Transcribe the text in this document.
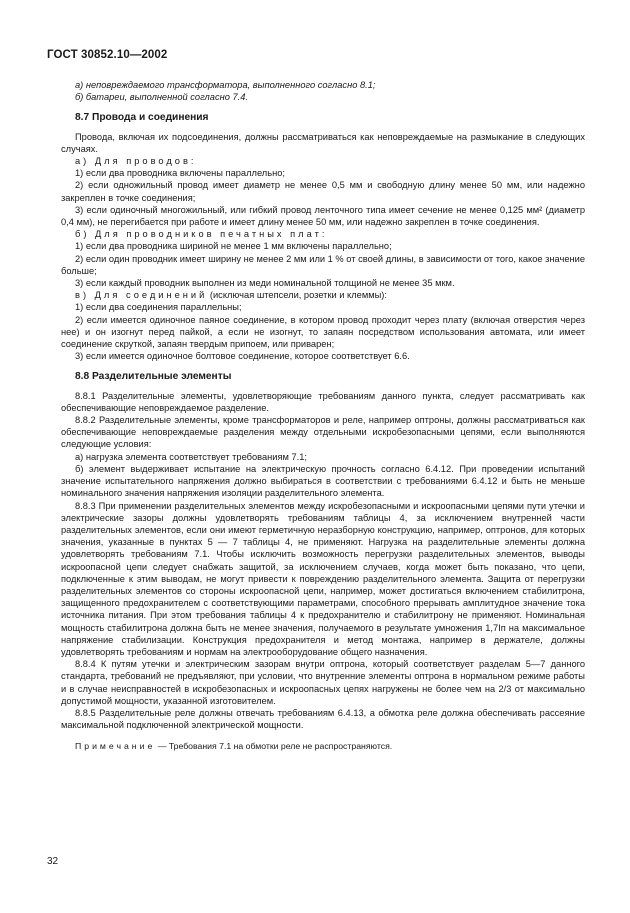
ГОСТ 30852.10—2002

а) неповреждаемого трансформатора, выполненного согласно 8.1;

б) батареи, выполненной согласно 7.4.

8.7 Провода и соединения

Провода, включая их подсоединения, должны рассматриваться как неповреждаемые на размыкание в следующих случаях.

а) Для проводов:

1) если два проводника включены параллельно;

2) если одножильный провод имеет диаметр не менее 0,5 мм и свободную длину менее 50 мм, или надежно закреплен в точке соединения;

3) если одиночный многожильный, или гибкий провод ленточного типа имеет сечение не менее 0,125 мм² (диаметр 0,4 мм), не перегибается при работе и имеет длину менее 50 мм, или надежно закреплен в точке соединения.

б) Для проводников печатных плат:

1) если два проводника шириной не менее 1 мм включены параллельно;

2) если один проводник имеет ширину не менее 2 мм или 1 % от своей длины, в зависимости от того, какое значение больше;

3) если каждый проводник выполнен из меди номинальной толщиной не менее 35 мкм.

в) Для соединений (исключая штепсели, розетки и клеммы):

1) если два соединения параллельны;

2) если имеется одиночное паяное соединение, в котором провод проходит через плату (включая отверстия через нее) и он изогнут перед пайкой, а если не изогнут, то запаян посредством использования автомата, или имеет соединение скруткой, запаян твердым припоем, или приварен;

3) если имеется одиночное болтовое соединение, которое соответствует 6.6.

8.8 Разделительные элементы

8.8.1 Разделительные элементы, удовлетворяющие требованиям данного пункта, следует рассматривать как обеспечивающие неповреждаемое разделение.

8.8.2 Разделительные элементы, кроме трансформаторов и реле, например оптроны, должны рассматриваться как обеспечивающие неповреждаемые разделения между отдельными искробезопасными цепями, если выполняются следующие условия:

а) нагрузка элемента соответствует требованиям 7.1;

б) элемент выдерживает испытание на электрическую прочность согласно 6.4.12. При проведении испытаний значение испытательного напряжения должно выбираться в соответствии с требованиями 6.4.12 и быть не меньше номинального значения напряжения изоляции разделительного элемента.

8.8.3 При применении разделительных элементов между искробезопасными и искроопасными цепями пути утечки и электрические зазоры должны удовлетворять требованиям таблицы 4, за исключением внутренней части разделительных элементов, если они имеют герметичную неразборную конструкцию, например, оптронов, для которых значения, указанные в пунктах 5 — 7 таблицы 4, не применяют. Нагрузка на разделительные элементы должна удовлетворять требованиям 7.1. Чтобы исключить возможность перегрузки разделительных элементов, выводы искроопасной цепи следует снабжать защитой, за исключением случаев, когда может быть показано, что цепи, подключенные к этим выводам, не могут привести к повреждению разделительного элемента. Защита от перегрузки разделительных элементов со стороны искроопасной цепи, например, может достигаться включением стабилитрона, защищенного предохранителем с соответствующими параметрами, способного прерывать амплитудное значение тока источника питания. При этом требования таблицы 4 к предохранителю и стабилитрону не применяют. Номинальная мощность стабилитрона должна быть не менее значения, получаемого в результате умножения 1,7Iп на максимальное напряжение стабилизации. Конструкция предохранителя и метод монтажа, например в держателе, должны удовлетворять требованиям и нормам на электрооборудование общего назначения.

8.8.4 К путям утечки и электрическим зазорам внутри оптрона, который соответствует разделам 5—7 данного стандарта, требований не предъявляют, при условии, что внутренние элементы оптрона в нормальном режиме работы и в случае неисправностей в искробезопасных и искроопасных цепях нагружены не более чем на 2/3 от максимально допустимой мощности, указанной изготовителем.

8.8.5 Разделительные реле должны отвечать требованиям 6.4.13, а обмотка реле должна обеспечивать рассеяние максимальной подключенной электрической мощности.

Примечание — Требования 7.1 на обмотки реле не распространяются.

32
